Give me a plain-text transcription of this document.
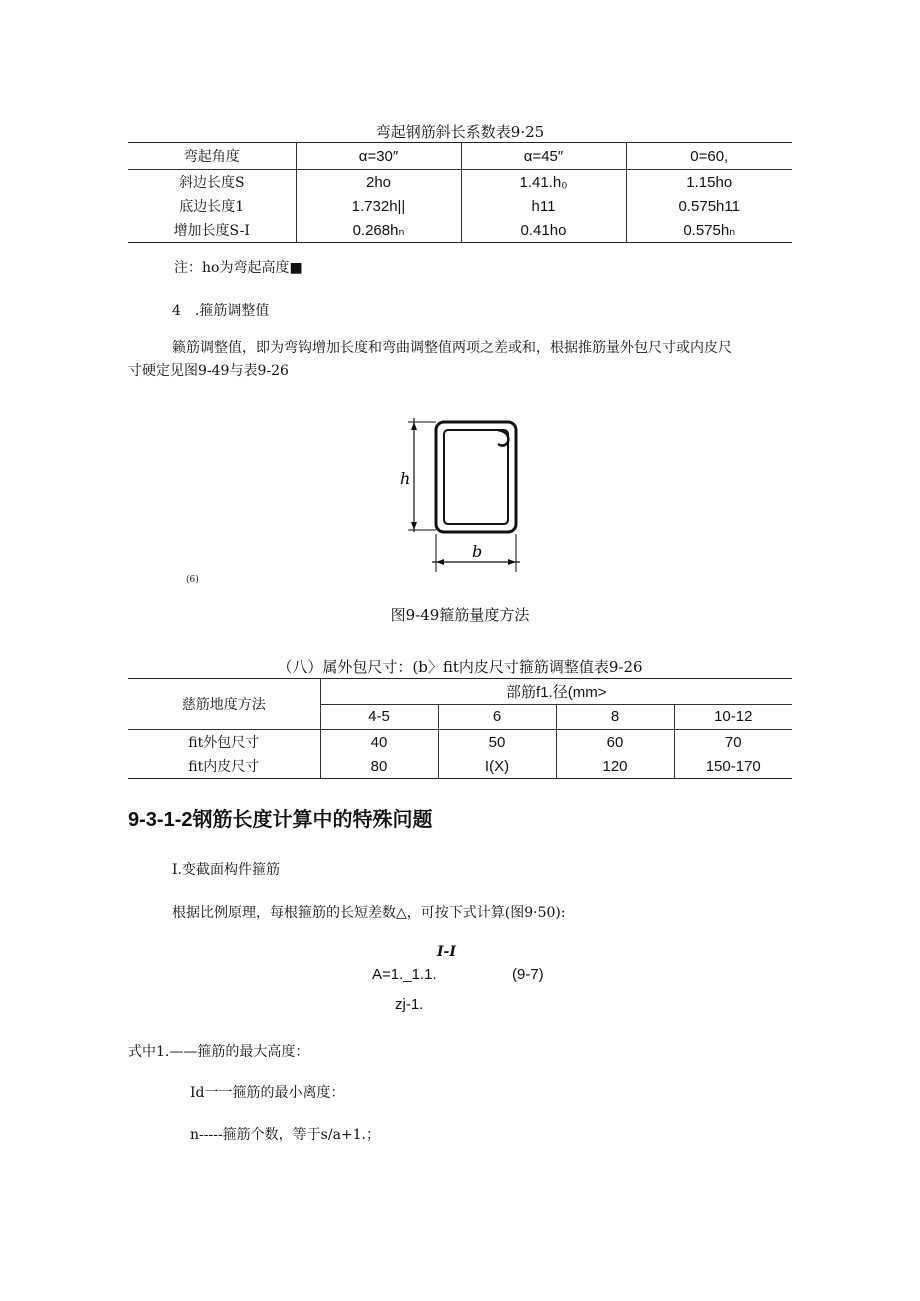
弯起钢筋斜长系数表9·25
弯起角度	α=30″	α=45″	0=60,
斜边长度S	2ho	1.41.h₀	1.15ho
底边长度1	1.732h||	h11	0.575h11
增加长度S-I	0.268hₙ	0.41ho	0.575hₙ
注：ho为弯起高度■
4　.箍筋调整值
籁筋调整值，即为弯钩增加长度和弯曲调整值两项之差或和，根据推筋量外包尺寸或内皮尺
寸硬定见图9-49与表9-26
h
b
(6)
图9-49箍筋量度方法
（八）属外包尺寸：(b〉fit内皮尺寸箍筋调整值表9-26
慈筋地度方法	部筋f1.径(mm>			
	4-5	6	8	10-12
fit外包尺寸	40	50	60	70
fit内皮尺寸	80	I(X)	120	150-170
9-3-1-2钢筋长度计算中的特殊问题
I.变截面构件箍筋
根据比例原理，每根箍筋的长短差数△，可按下式计算(图9·50):
I-I
A=1._1.1.	(9-7)
zj-1.
式中1.——箍筋的最大高度：
Id一一箍筋的最小离度：
n-----箍筋个数，等于s/a+1.；
